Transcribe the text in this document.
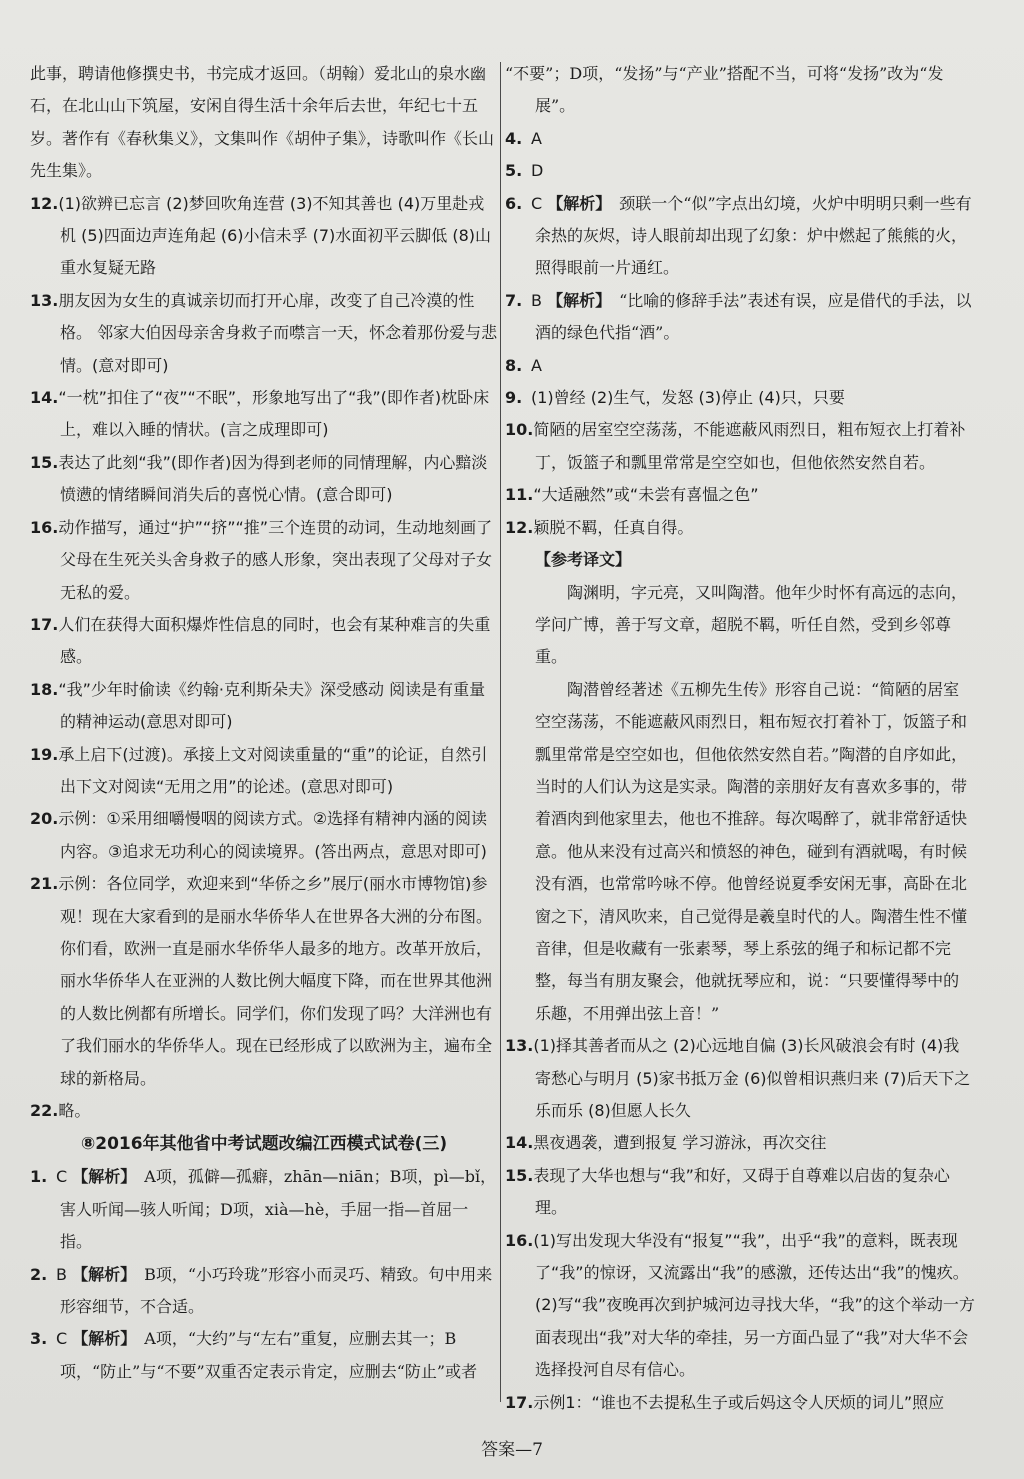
此事，聘请他修撰史书，书完成才返回。（胡翰）爱北山的泉水幽石，在北山山下筑屋，安闲自得生活十余年后去世，年纪七十五岁。著作有《春秋集义》，文集叫作《胡仲子集》，诗歌叫作《长山先生集》。

12.(1)欲辨已忘言 (2)梦回吹角连营 (3)不知其善也 (4)万里赴戎机 (5)四面边声连角起 (6)小信未孚 (7)水面初平云脚低 (8)山重水复疑无路

13.朋友因为女生的真诚亲切而打开心扉，改变了自己冷漠的性格。 邻家大伯因母亲舍身救子而噤言一天，怀念着那份爱与悲情。(意对即可)

14.“一枕”扣住了“夜”“不眠”，形象地写出了“我”(即作者)枕卧床上，难以入睡的情状。(言之成理即可)

15.表达了此刻“我”(即作者)因为得到老师的同情理解，内心黯淡愤懑的情绪瞬间消失后的喜悦心情。(意合即可)

16.动作描写，通过“护”“挤”“推”三个连贯的动词，生动地刻画了父母在生死关头舍身救子的感人形象，突出表现了父母对子女无私的爱。

17.人们在获得大面积爆炸性信息的同时，也会有某种难言的失重感。

18.“我”少年时偷读《约翰·克利斯朵夫》深受感动 阅读是有重量的精神运动(意思对即可)

19.承上启下(过渡)。承接上文对阅读重量的“重”的论证，自然引出下文对阅读“无用之用”的论述。(意思对即可)

20.示例：①采用细嚼慢咽的阅读方式。②选择有精神内涵的阅读内容。③追求无功利心的阅读境界。(答出两点，意思对即可)

21.示例：各位同学，欢迎来到“华侨之乡”展厅(丽水市博物馆)参观！现在大家看到的是丽水华侨华人在世界各大洲的分布图。你们看，欧洲一直是丽水华侨华人最多的地方。改革开放后，丽水华侨华人在亚洲的人数比例大幅度下降，而在世界其他洲的人数比例都有所增长。同学们，你们发现了吗？大洋洲也有了我们丽水的华侨华人。现在已经形成了以欧洲为主，遍布全球的新格局。

22.略。

⑧2016年其他省中考试题改编江西模式试卷(三)

1. C 【解析】 A项，孤僻—孤癖，zhān—niān；B项，pì—bǐ，害人听闻—骇人听闻；D项，xià—hè，手屈一指—首屈一指。

2. B 【解析】 B项，“小巧玲珑”形容小而灵巧、精致。句中用来形容细节，不合适。

3. C 【解析】 A项，“大约”与“左右”重复，应删去其一；B项，“防止”与“不要”双重否定表示肯定，应删去“防止”或者

“不要”；D项，“发扬”与“产业”搭配不当，可将“发扬”改为“发展”。

4. A

5. D

6. C 【解析】 颈联一个“似”字点出幻境，火炉中明明只剩一些有余热的灰烬，诗人眼前却出现了幻象：炉中燃起了熊熊的火，照得眼前一片通红。

7. B 【解析】 “比喻的修辞手法”表述有误，应是借代的手法，以酒的绿色代指“酒”。

8. A

9. (1)曾经 (2)生气，发怒 (3)停止 (4)只，只要

10.简陋的居室空空荡荡，不能遮蔽风雨烈日，粗布短衣上打着补丁，饭篮子和瓢里常常是空空如也，但他依然安然自若。

11.“大适融然”或“未尝有喜愠之色”

12.颖脱不羁，任真自得。

【参考译文】

陶渊明，字元亮，又叫陶潜。他年少时怀有高远的志向，学问广博，善于写文章，超脱不羁，听任自然，受到乡邻尊重。

陶潜曾经著述《五柳先生传》形容自己说：“简陋的居室空空荡荡，不能遮蔽风雨烈日，粗布短衣打着补丁，饭篮子和瓢里常常是空空如也，但他依然安然自若。”陶潜的自序如此，当时的人们认为这是实录。陶潜的亲朋好友有喜欢多事的，带着酒肉到他家里去，他也不推辞。每次喝醉了，就非常舒适快意。他从来没有过高兴和愤怒的神色，碰到有酒就喝，有时候没有酒，也常常吟咏不停。他曾经说夏季安闲无事，高卧在北窗之下，清风吹来，自己觉得是羲皇时代的人。陶潜生性不懂音律，但是收藏有一张素琴，琴上系弦的绳子和标记都不完整，每当有朋友聚会，他就抚琴应和，说：“只要懂得琴中的乐趣，不用弹出弦上音！”

13.(1)择其善者而从之 (2)心远地自偏 (3)长风破浪会有时 (4)我寄愁心与明月 (5)家书抵万金 (6)似曾相识燕归来 (7)后天下之乐而乐 (8)但愿人长久

14.黑夜遇袭，遭到报复 学习游泳，再次交往

15.表现了大华也想与“我”和好，又碍于自尊难以启齿的复杂心理。

16.(1)写出发现大华没有“报复”“我”，出乎“我”的意料，既表现了“我”的惊讶，又流露出“我”的感激，还传达出“我”的愧疚。

(2)写“我”夜晚再次到护城河边寻找大华，“我”的这个举动一方面表现出“我”对大华的牵挂，另一方面凸显了“我”对大华不会选择投河自尽有信心。

17.示例1：“谁也不去提私生子或后妈这令人厌烦的词儿”照应

答案—7
